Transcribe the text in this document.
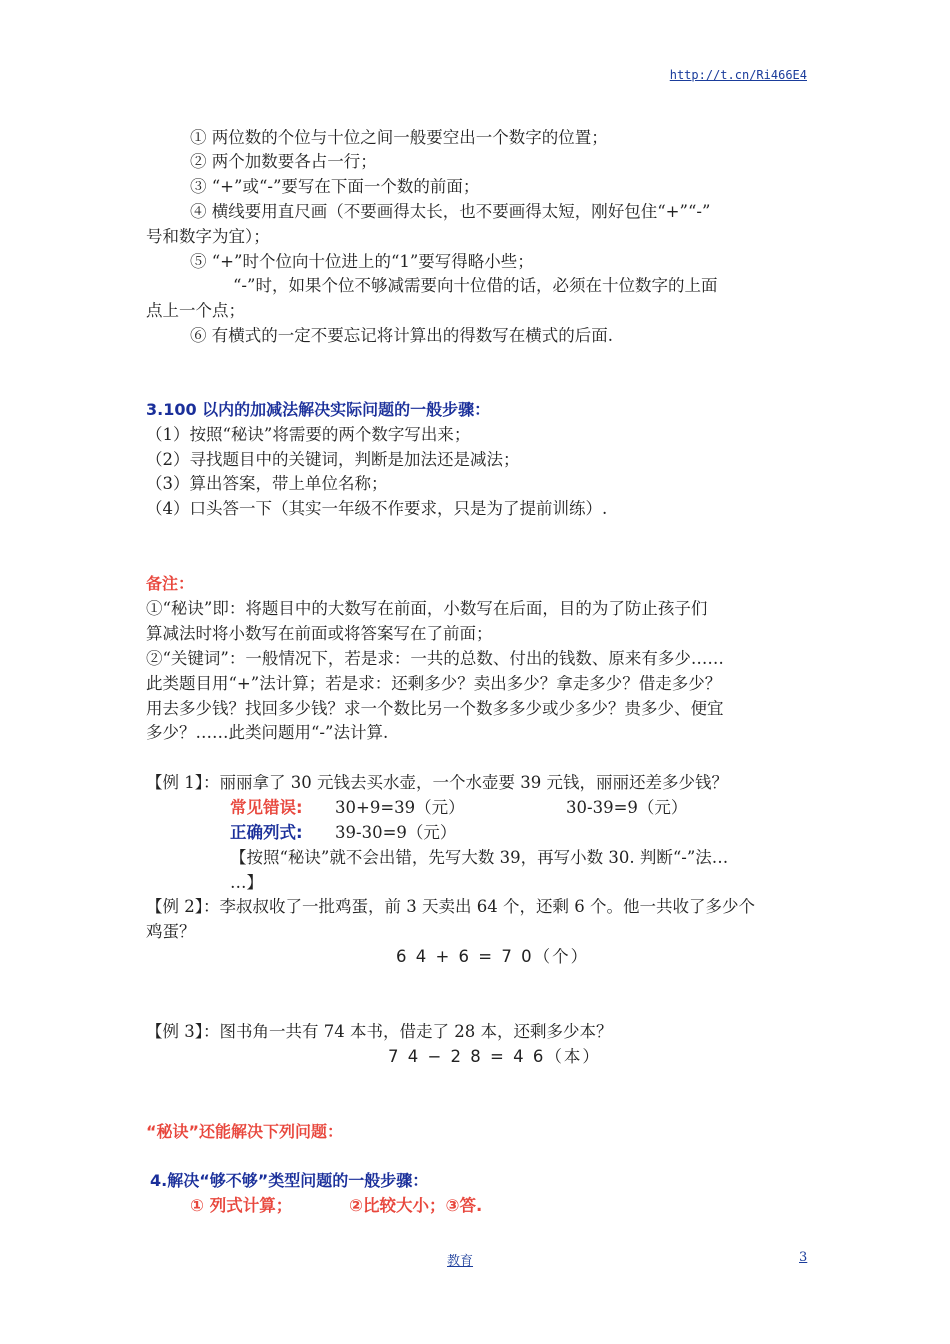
http://t.cn/Ri466E4
① 两位数的个位与十位之间一般要空出一个数字的位置；
② 两个加数要各占一行；
③ “+”或“-”要写在下面一个数的前面；
④ 横线要用直尺画（不要画得太长，也不要画得太短，刚好包住“+”“-”
号和数字为宜）；
⑤ “+”时个位向十位进上的“1”要写得略小些；
“-”时，如果个位不够减需要向十位借的话，必须在十位数字的上面
点上一个点；
⑥ 有横式的一定不要忘记将计算出的得数写在横式的后面.
3.100 以内的加减法解决实际问题的一般步骤：
（1）按照“秘诀”将需要的两个数字写出来；
（2）寻找题目中的关键词，判断是加法还是减法；
（3）算出答案，带上单位名称；
（4）口头答一下（其实一年级不作要求，只是为了提前训练）.
备注：
①“秘诀”即：将题目中的大数写在前面，小数写在后面，目的为了防止孩子们
算减法时将小数写在前面或将答案写在了前面；
②“关键词”：一般情况下，若是求：一共的总数、付出的钱数、原来有多少……
此类题目用“+”法计算；若是求：还剩多少？卖出多少？拿走多少？借走多少？
用去多少钱？找回多少钱？求一个数比另一个数多多少或少多少？贵多少、便宜
多少？……此类问题用“-”法计算.
【例 1】：丽丽拿了 30 元钱去买水壶，一个水壶要 39 元钱，丽丽还差多少钱？
常见错误: 30+9=39（元）	30-39=9（元）
正确列式: 39-30=9（元）
【按照“秘诀”就不会出错，先写大数 39，再写小数 30. 判断“-”法…
…】
【例 2】：李叔叔收了一批鸡蛋，前 3 天卖出 64 个，还剩 6 个。他一共收了多少个
鸡蛋？
6 4 + 6 = 7 0（个）
【例 3】：图书角一共有 74 本书，借走了 28 本，还剩多少本？
7 4 − 2 8 = 4 6（本）
“秘诀”还能解决下列问题：
4.解决“够不够”类型问题的一般步骤：
① 列式计算；	②比较大小；③答.
教育	3
